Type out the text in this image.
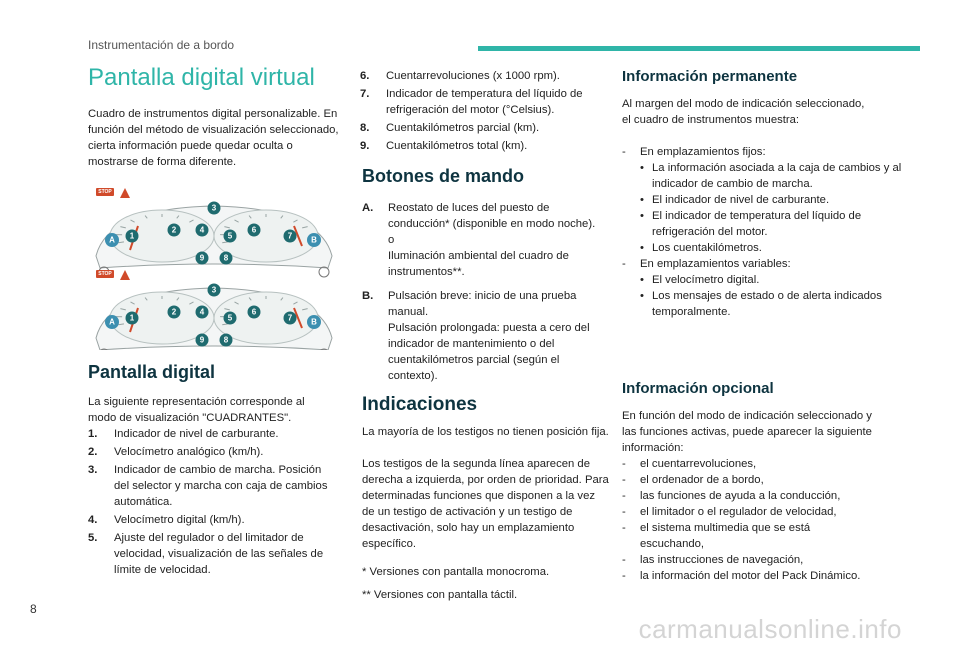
Instrumentación de a bordo
Pantalla digital virtual

Cuadro de instrumentos digital personalizable. En función del método de visualización seleccionado, cierta información puede quedar oculta o mostrarse de forma diferente.

STOP
1
2
3
4
5
6
7
8
9
A	B
STOP
1
2
3
4
5
6
7
8
9
A	B
Pantalla digital

La siguiente representación corresponde al modo de visualización "CUADRANTES".

1.	Indicador de nivel de carburante.
2.	Velocímetro analógico (km/h).
3.	Indicador de cambio de marcha. Posición del selector y marcha con caja de cambios automática.
4.	Velocímetro digital (km/h).
5.	Ajuste del regulador o del limitador de velocidad, visualización de las señales de límite de velocidad.
6.	Cuentarrevoluciones (x 1000 rpm).
7.	Indicador de temperatura del líquido de refrigeración del motor (°Celsius).
8.	Cuentakilómetros parcial (km).
9.	Cuentakilómetros total (km).
Botones de mando
A.	Reostato de luces del puesto de conducción* (disponible en modo noche).
o
Iluminación ambiental del cuadro de instrumentos**.
B.	Pulsación breve: inicio de una prueba manual.
Pulsación prolongada: puesta a cero del indicador de mantenimiento o del cuentakilómetros parcial (según el contexto).
Indicaciones

La mayoría de los testigos no tienen posición fija.

Los testigos de la segunda línea aparecen de derecha a izquierda, por orden de prioridad. Para determinadas funciones que disponen a la vez de un testigo de activación y un testigo de desactivación, solo hay un emplazamiento específico.

* Versiones con pantalla monocroma.

** Versiones con pantalla táctil.

Información permanente

Al margen del modo de indicación seleccionado, el cuadro de instrumentos muestra:

-	En emplazamientos fijos:
• La información asociada a la caja de cambios y al indicador de cambio de marcha.
• El indicador de nivel de carburante.
• El indicador de temperatura del líquido de refrigeración del motor.
• Los cuentakilómetros.
-	En emplazamientos variables:
• El velocímetro digital.
• Los mensajes de estado o de alerta indicados temporalmente.
Información opcional

En función del modo de indicación seleccionado y las funciones activas, puede aparecer la siguiente información:

-	el cuentarrevoluciones,
-	el ordenador de a bordo,
-	las funciones de ayuda a la conducción,
-	el limitador o el regulador de velocidad,
-	el sistema multimedia que se está escuchando,
-	las instrucciones de navegación,
-	la información del motor del Pack Dinámico.
8
carmanualsonline.info
